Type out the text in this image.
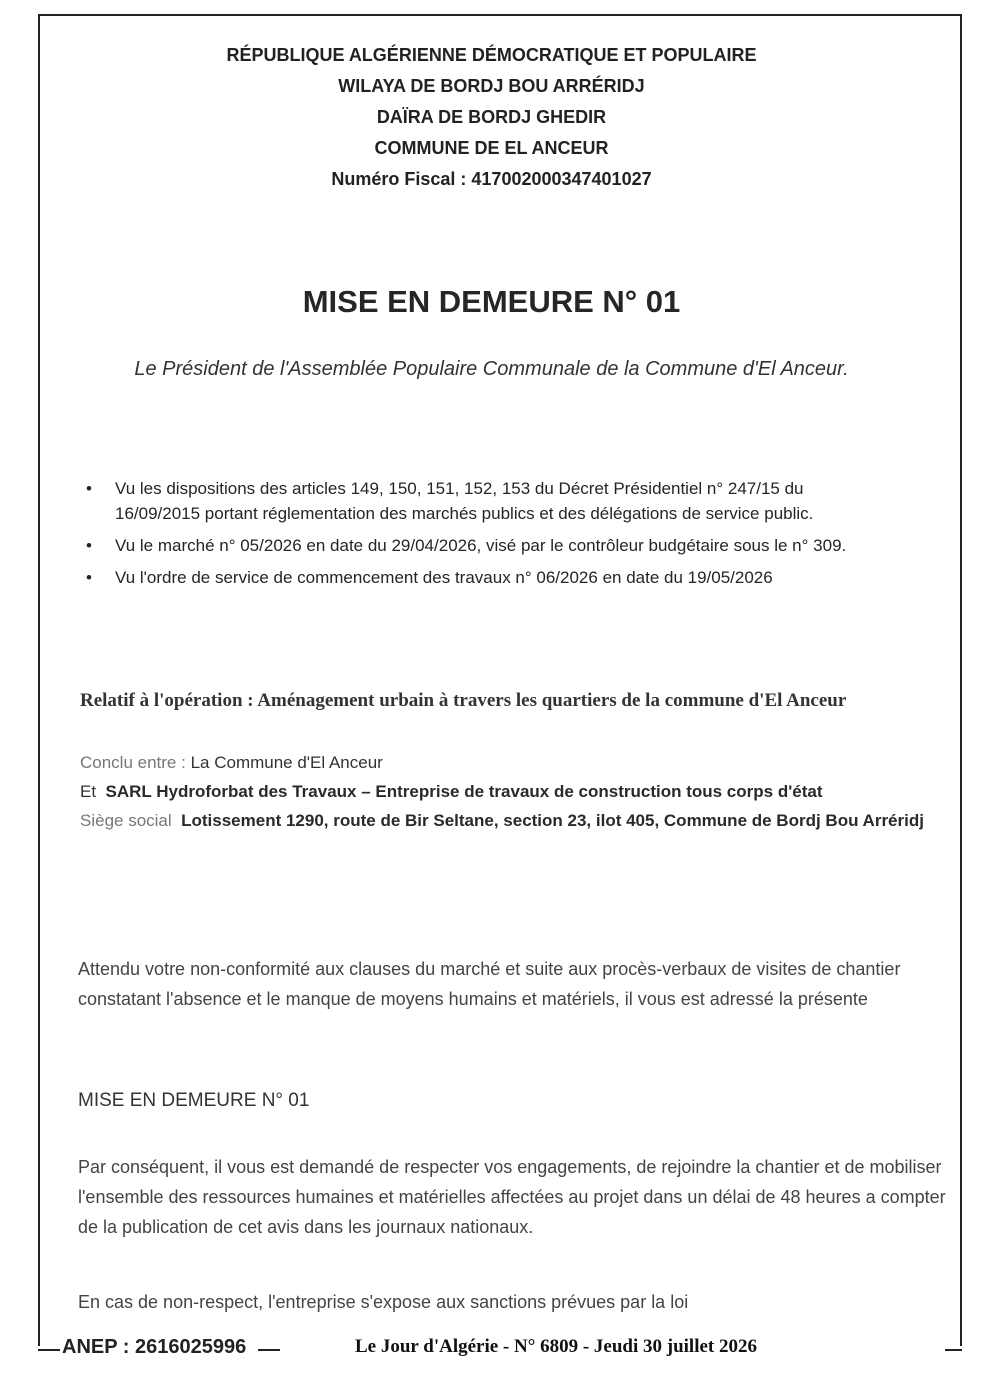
RÉPUBLIQUE ALGÉRIENNE DÉMOCRATIQUE ET POPULAIRE
WILAYA DE BORDJ BOU ARRÉRIDJ
DAÏRA DE BORDJ GHEDIR
COMMUNE DE EL ANCEUR
Numéro Fiscal : 417002000347401027
MISE EN DEMEURE N° 01
Le Président de l'Assemblée Populaire Communale de la Commune d'El Anceur.
• Vu les dispositions des articles 149, 150, 151, 152, 153 du Décret Présidentiel n° 247/15 du 16/09/2015 portant réglementation des marchés publics et des délégations de service public.
• Vu le marché n° 05/2026 en date du 29/04/2026, visé par le contrôleur budgétaire sous le n° 309.
• Vu l'ordre de service de commencement des travaux n° 06/2026 en date du 19/05/2026
Relatif à l'opération : Aménagement urbain à travers les quartiers de la commune d'El Anceur
Conclu entre : La Commune d'El Anceur
Et SARL Hydroforbat des Travaux – Entreprise de travaux de construction tous corps d'état
Siège social Lotissement 1290, route de Bir Seltane, section 23, ilot 405, Commune de Bordj Bou Arréridj
Attendu votre non-conformité aux clauses du marché et suite aux procès-verbaux de visites de chantier constatant l'absence et le manque de moyens humains et matériels, il vous est adressé la présente
MISE EN DEMEURE N° 01
Par conséquent, il vous est demandé de respecter vos engagements, de rejoindre la chantier et de mobiliser l'ensemble des ressources humaines et matérielles affectées au projet dans un délai de 48 heures a compter de la publication de cet avis dans les journaux nationaux.
En cas de non-respect, l'entreprise s'expose aux sanctions prévues par la loi
ANEP : 2616025996	Le Jour d'Algérie - N° 6809 - Jeudi 30 juillet 2026
